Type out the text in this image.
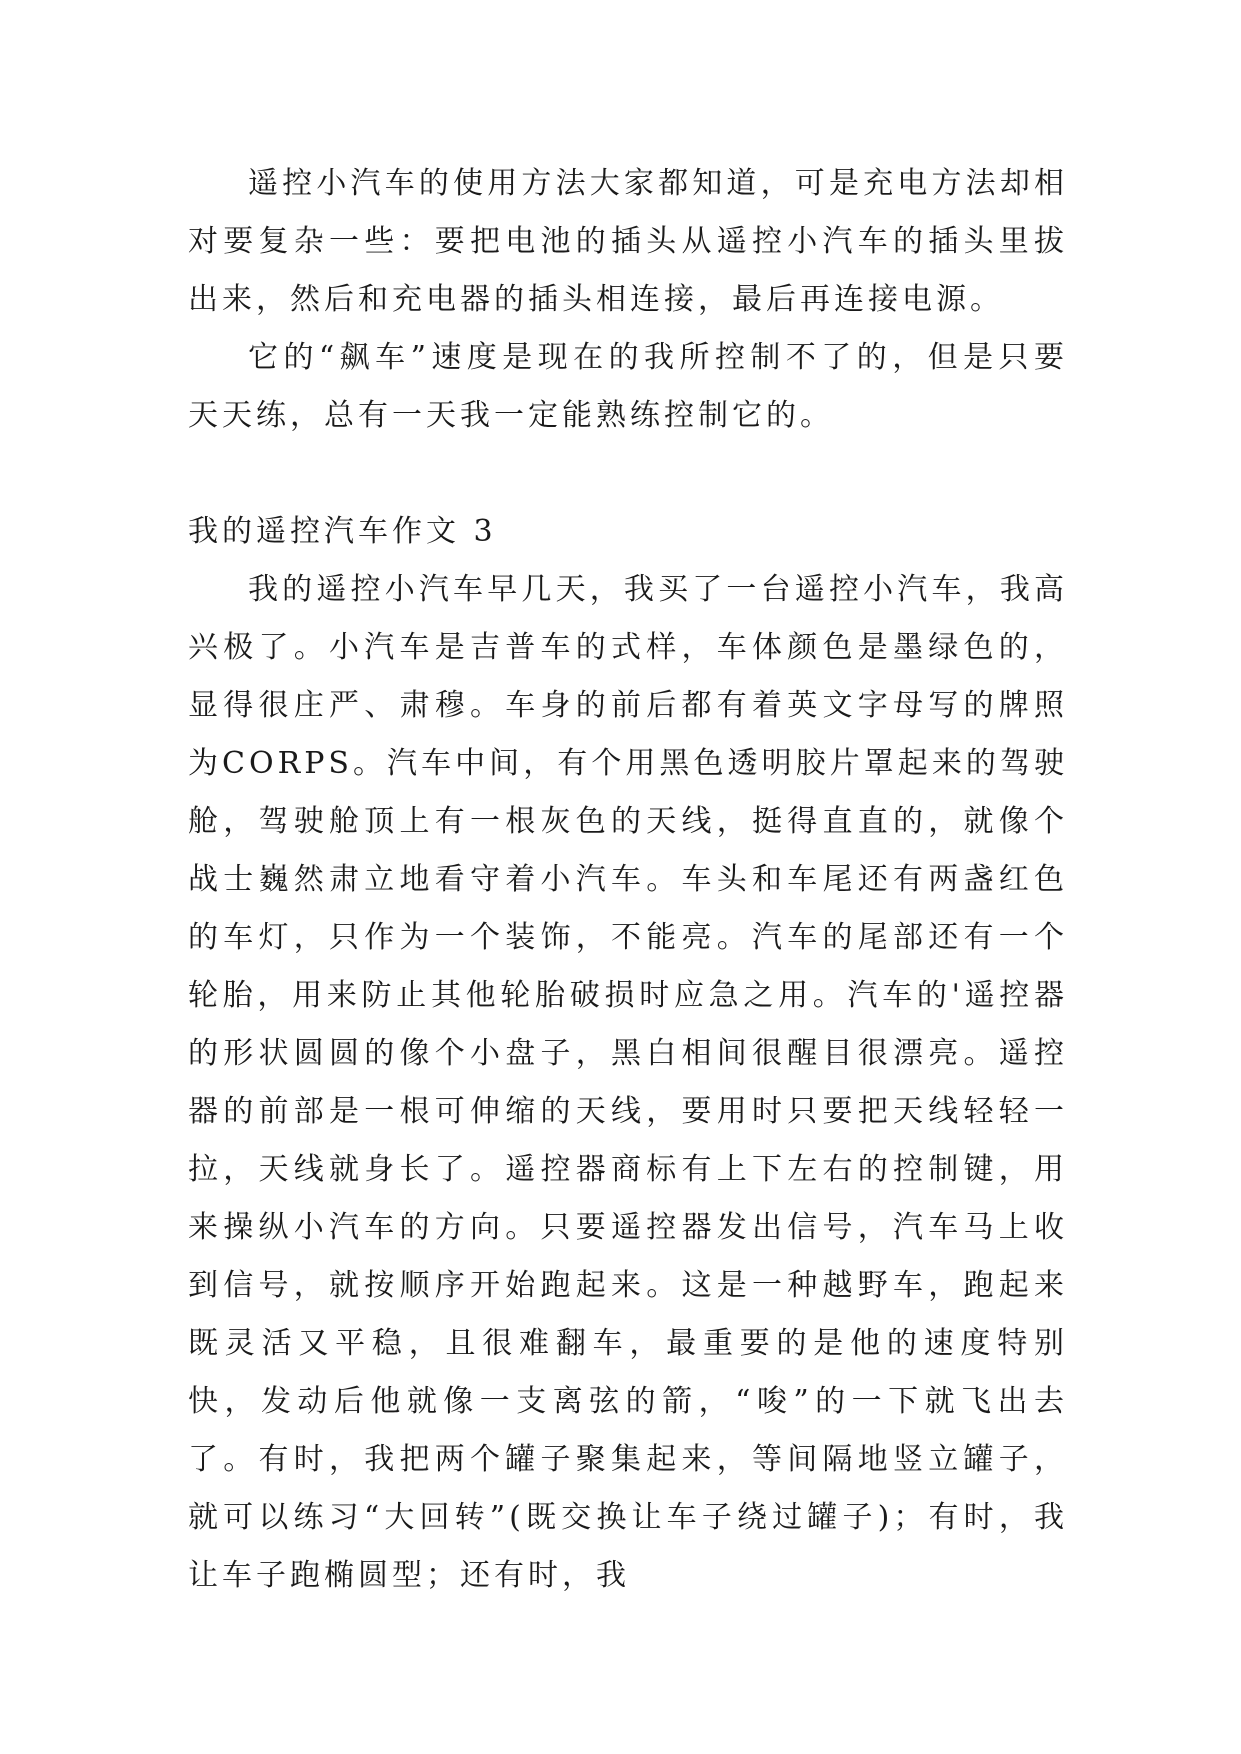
遥控小汽车的使用方法大家都知道，可是充电方法却相对要复杂一些：要把电池的插头从遥控小汽车的插头里拔出来，然后和充电器的插头相连接，最后再连接电源。

它的“飙车”速度是现在的我所控制不了的，但是只要天天练，总有一天我一定能熟练控制它的。

我的遥控汽车作文 3

我的遥控小汽车早几天，我买了一台遥控小汽车，我高兴极了。小汽车是吉普车的式样，车体颜色是墨绿色的，显得很庄严、肃穆。车身的前后都有着英文字母写的牌照为CORPS。汽车中间，有个用黑色透明胶片罩起来的驾驶舱，驾驶舱顶上有一根灰色的天线，挺得直直的，就像个战士巍然肃立地看守着小汽车。车头和车尾还有两盏红色的车灯，只作为一个装饰，不能亮。汽车的尾部还有一个轮胎，用来防止其他轮胎破损时应急之用。汽车的'遥控器的形状圆圆的像个小盘子，黑白相间很醒目很漂亮。遥控器的前部是一根可伸缩的天线，要用时只要把天线轻轻一拉，天线就身长了。遥控器商标有上下左右的控制键，用来操纵小汽车的方向。只要遥控器发出信号，汽车马上收到信号，就按顺序开始跑起来。这是一种越野车，跑起来既灵活又平稳，且很难翻车，最重要的是他的速度特别快，发动后他就像一支离弦的箭，“唆”的一下就飞出去了。有时，我把两个罐子聚集起来，等间隔地竖立罐子，就可以练习“大回转”(既交换让车子绕过罐子)；有时，我让车子跑椭圆型；还有时，我
